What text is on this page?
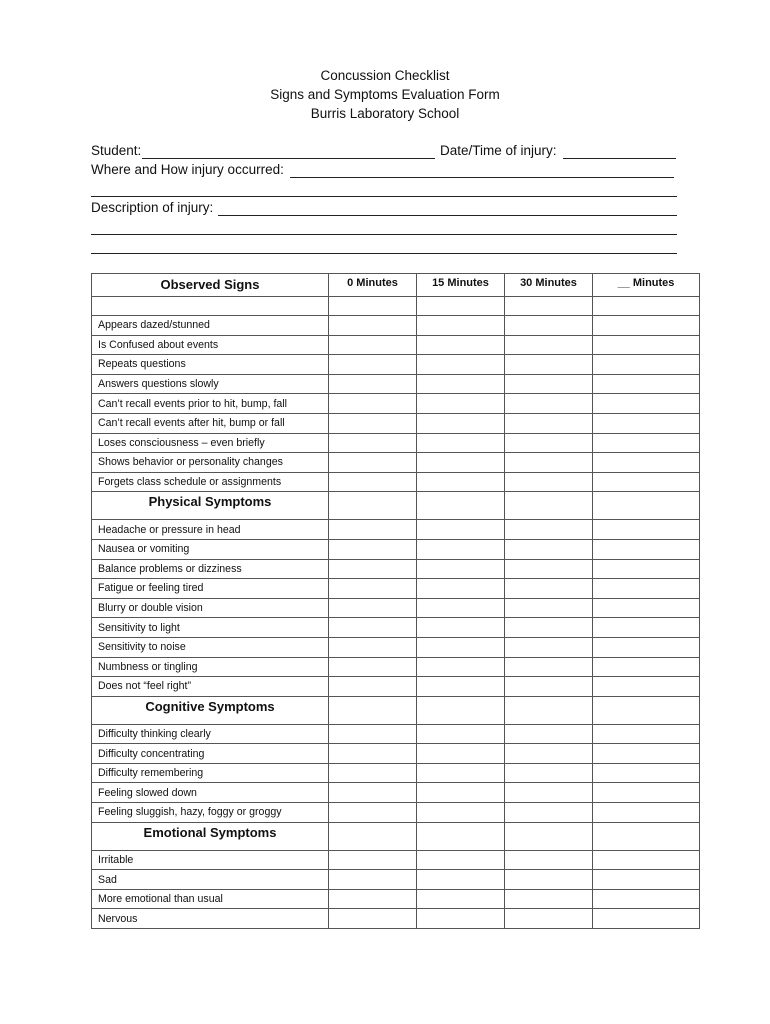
Concussion Checklist
Signs and Symptoms Evaluation Form
Burris Laboratory School
Student:	Date/Time of injury:
Where and How injury occurred:
Description of injury:
Observed Signs	0 Minutes	15 Minutes	30 Minutes	__ Minutes

Appears dazed/stunned				
Is Confused about events				
Repeats questions				
Answers questions slowly				
Can’t recall events prior to hit, bump, fall				
Can’t recall events after hit, bump or fall				
Loses consciousness – even briefly				
Shows behavior or personality changes				
Forgets class schedule or assignments				
Physical Symptoms				
Headache or pressure in head				
Nausea or vomiting				
Balance problems or dizziness				
Fatigue or feeling tired				
Blurry or double vision				
Sensitivity to light				
Sensitivity to noise				
Numbness or tingling				
Does not “feel right”				
Cognitive Symptoms				
Difficulty thinking clearly				
Difficulty concentrating				
Difficulty remembering				
Feeling slowed down				
Feeling sluggish, hazy, foggy or groggy				
Emotional Symptoms				
Irritable				
Sad				
More emotional than usual				
Nervous				
